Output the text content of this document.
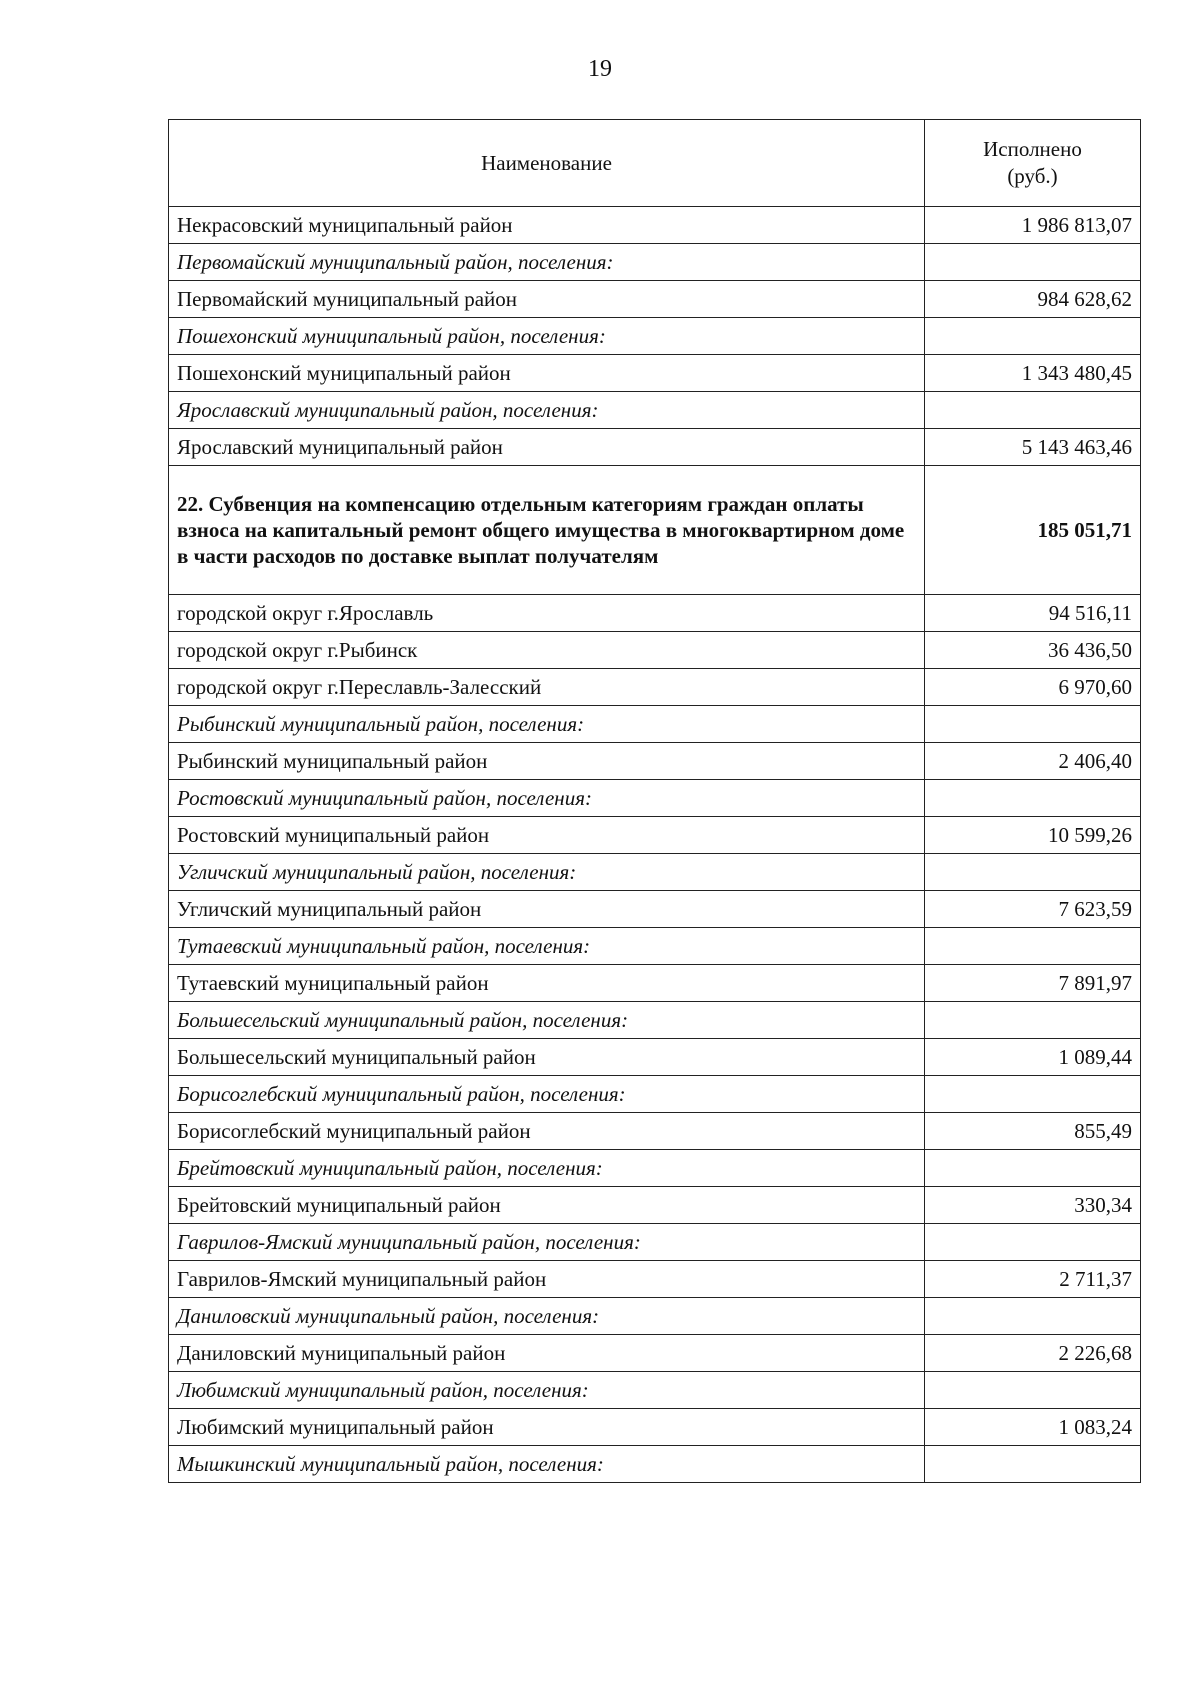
19
Наименование	Исполнено
(руб.)
Некрасовский муниципальный район	1 986 813,07
Первомайский муниципальный район, поселения:	
Первомайский муниципальный район	984 628,62
Пошехонский муниципальный район, поселения:	
Пошехонский муниципальный район	1 343 480,45
Ярославский муниципальный район, поселения:	
Ярославский муниципальный район	5 143 463,46
22. Субвенция на компенсацию отдельным категориям граждан оплаты взноса на капитальный ремонт общего имущества в многоквартирном доме в части расходов по доставке выплат получателям	185 051,71
городской округ г.Ярославль	94 516,11
городской округ г.Рыбинск	36 436,50
городской округ г.Переславль-Залесский	6 970,60
Рыбинский муниципальный район, поселения:	
Рыбинский муниципальный район	2 406,40
Ростовский муниципальный район, поселения:	
Ростовский муниципальный район	10 599,26
Угличский муниципальный район, поселения:	
Угличский муниципальный район	7 623,59
Тутаевский муниципальный район, поселения:	
Тутаевский муниципальный район	7 891,97
Большесельский муниципальный район, поселения:	
Большесельский муниципальный район	1 089,44
Борисоглебский муниципальный район, поселения:	
Борисоглебский муниципальный район	855,49
Брейтовский муниципальный район, поселения:	
Брейтовский муниципальный район	330,34
Гаврилов-Ямский муниципальный район, поселения:	
Гаврилов-Ямский муниципальный район	2 711,37
Даниловский муниципальный район, поселения:	
Даниловский муниципальный район	2 226,68
Любимский муниципальный район, поселения:	
Любимский муниципальный район	1 083,24
Мышкинский муниципальный район, поселения:	
